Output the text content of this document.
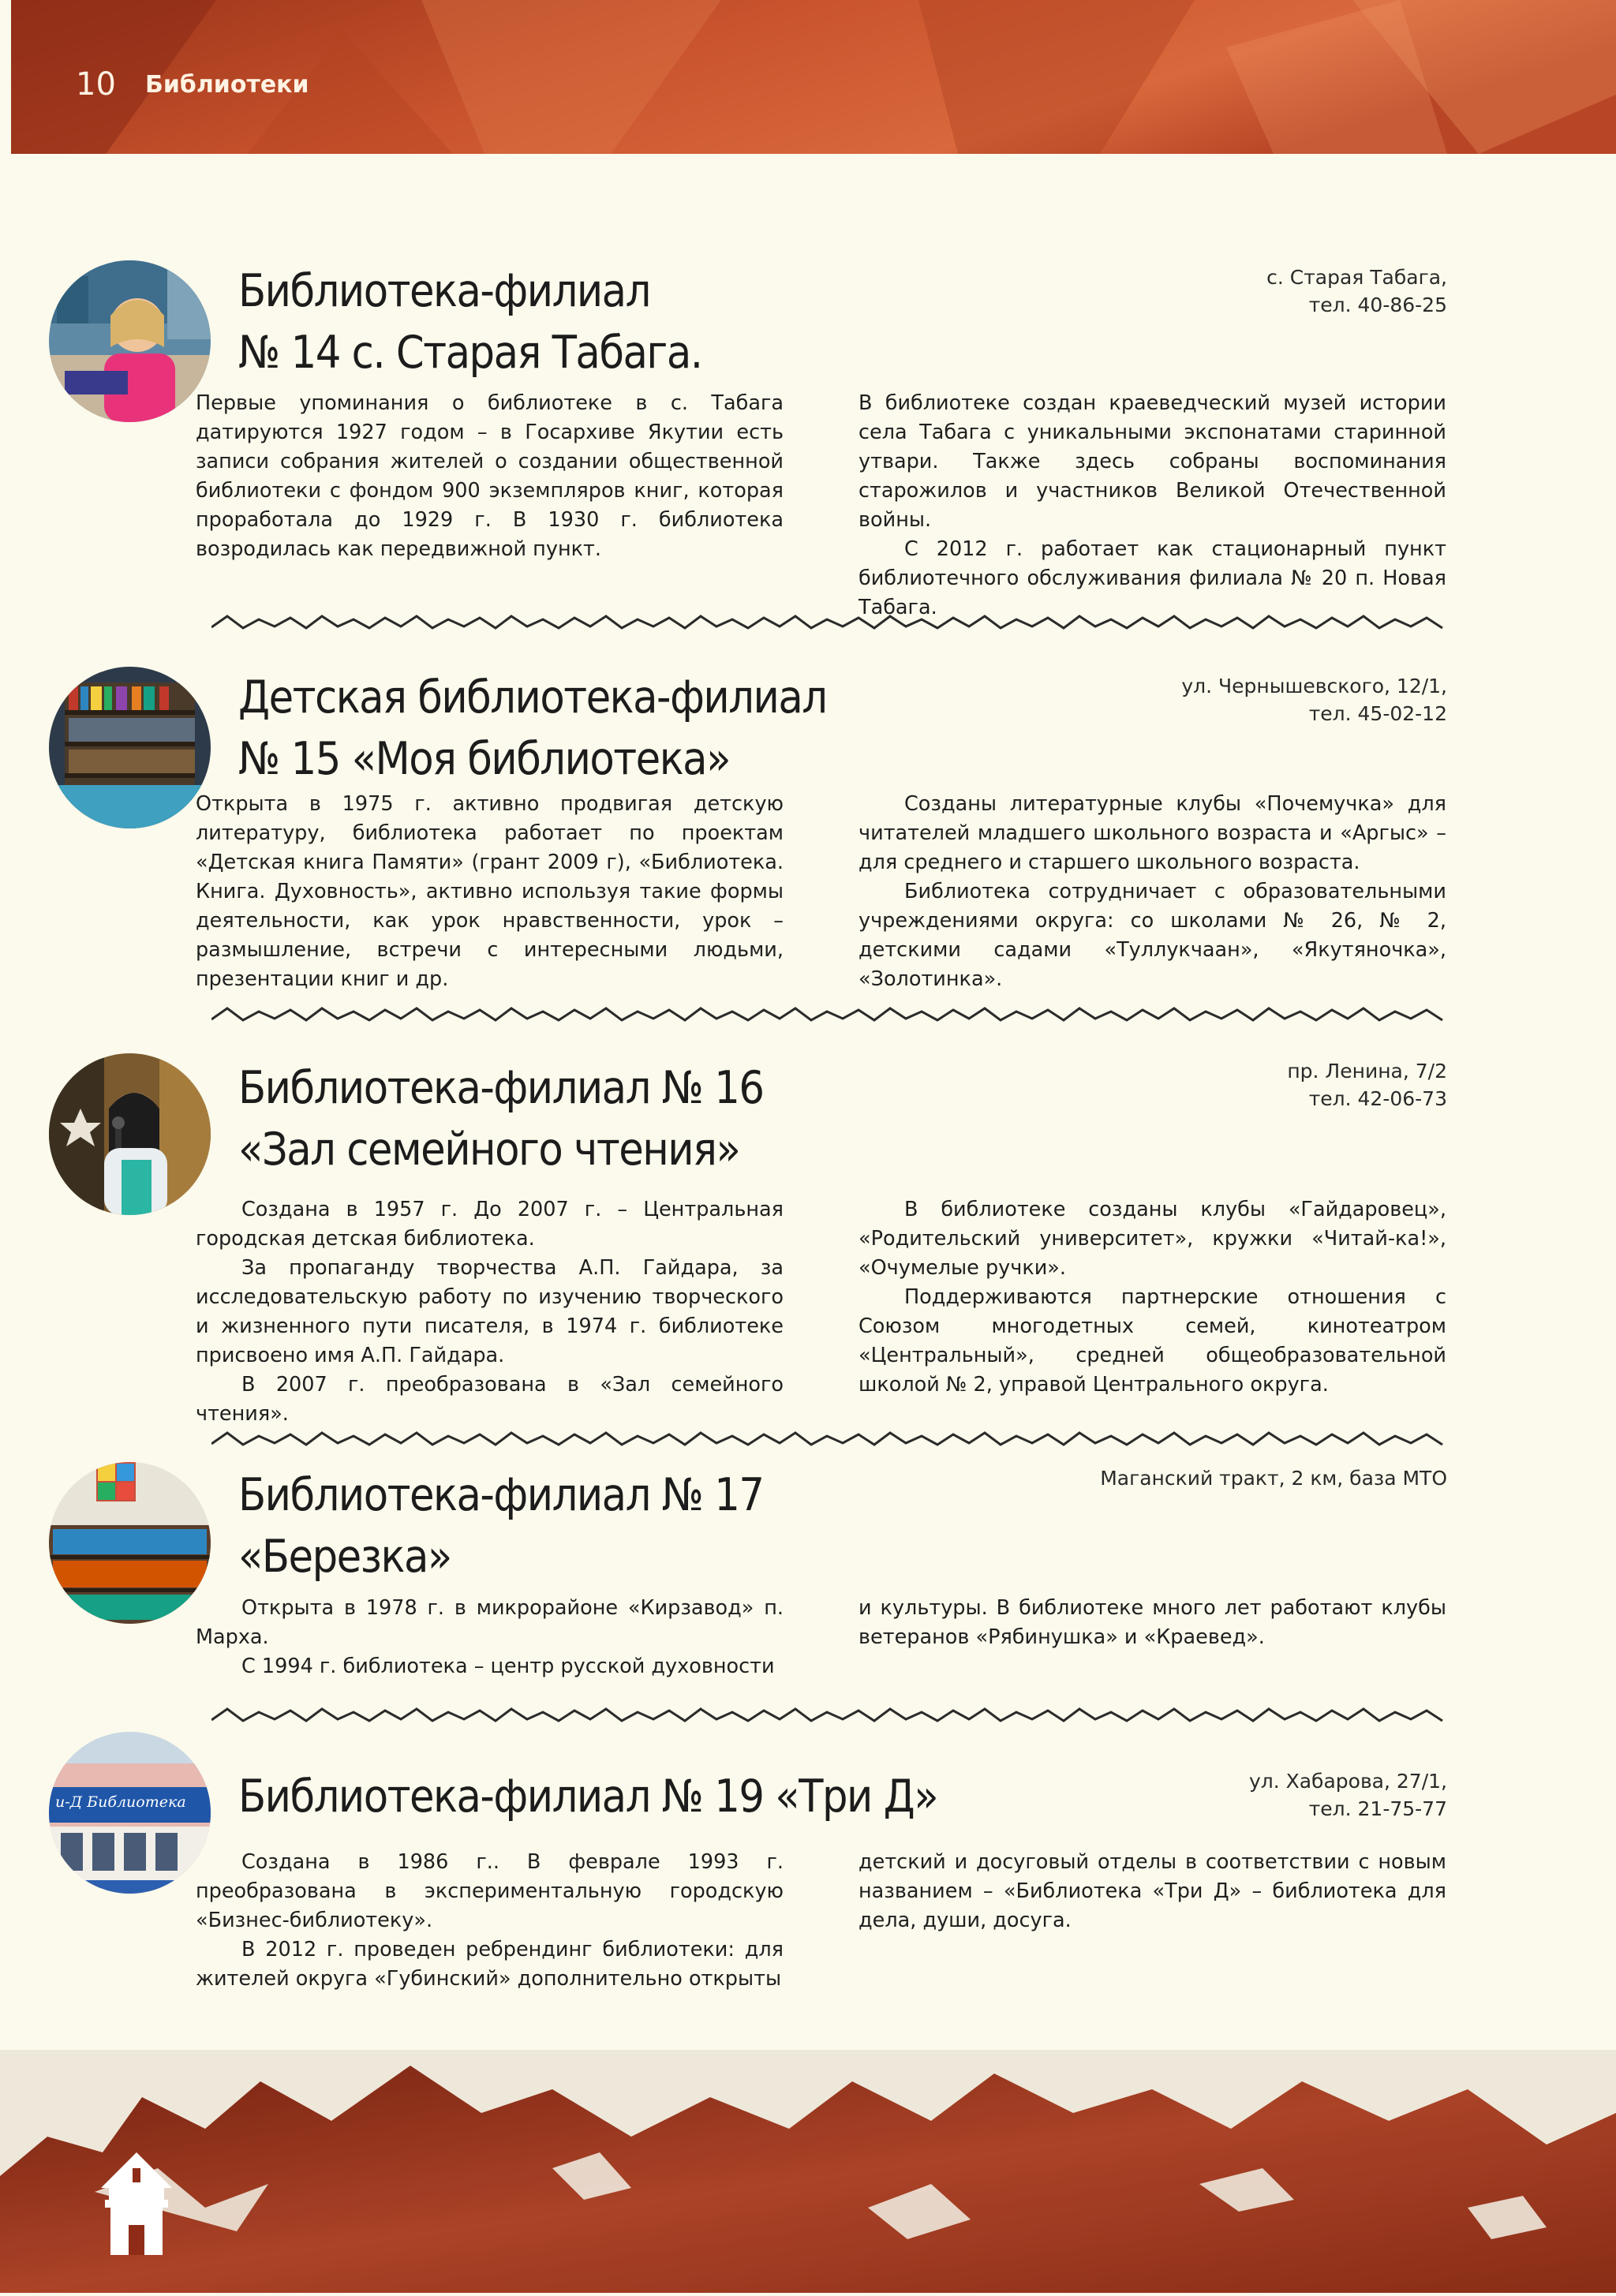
10 Библиотеки
Библиотека-филиал
№ 14 с. Старая Табага.
с. Старая Табага,
тел. 40-86-25

Первые упоминания о библиотеке в с. Табага датируются 1927 годом – в Госархиве Якутии есть записи собрания жителей о создании общественной библиотеки с фондом 900 экземпляров книг, которая проработала до 1929 г. В 1930 г. библиотека возродилась как передвижной пункт.

В библиотеке создан краеведческий музей истории села Табага с уникальными экспонатами старинной утвари. Также здесь собраны воспоминания старожилов и участников Великой Отечественной войны.

С 2012 г. работает как стационарный пункт библиотечного обслуживания филиала № 20 п. Новая Табага.

Детская библиотека-филиал
№ 15 «Моя библиотека»
ул. Чернышевского, 12/1,
тел. 45-02-12

Открыта в 1975 г. активно продвигая детскую литературу, библиотека работает по проектам «Детская книга Памяти» (грант 2009 г), «Библиотека. Книга. Духовность», активно используя такие формы деятельности, как урок нравственности, урок – размышление, встречи с интересными людьми, презентации книг и др.

Созданы литературные клубы «Почемучка» для читателей младшего школьного возраста и «Аргыс» – для среднего и старшего школьного возраста.

Библиотека сотрудничает с образовательными учреждениями округа: со школами № 26, № 2, детскими садами «Туллукчаан», «Якутяночка», «Золотинка».

Библиотека-филиал № 16
«Зал семейного чтения»
пр. Ленина, 7/2
тел. 42-06-73

Создана в 1957 г. До 2007 г. – Центральная городская детская библиотека.

За пропаганду творчества А.П. Гайдара, за исследовательскую работу по изучению творческого и жизненного пути писателя, в 1974 г. библиотеке присвоено имя А.П. Гайдара.

В 2007 г. преобразована в «Зал семейного чтения».

В библиотеке созданы клубы «Гайдаровец», «Родительский университет», кружки «Читай-ка!», «Очумелые ручки».

Поддерживаются партнерские отношения с Союзом многодетных семей, кинотеатром «Центральный», средней общеобразовательной школой № 2, управой Центрального округа.

Библиотека-филиал № 17
«Березка»
Маганский тракт, 2 км, база МТО

Открыта в 1978 г. в микрорайоне «Кирзавод» п. Марха.

С 1994 г. библиотека – центр русской духовности

и культуры. В библиотеке много лет работают клубы ветеранов «Рябинушка» и «Краевед».

и-Д Библиотека	Библиотека-филиал № 19 «Три Д»	ул. Хабарова, 27/1,
тел. 21-75-77

Создана в 1986 г.. В феврале 1993 г. преобразована в экспериментальную городскую «Бизнес-библиотеку».

В 2012 г. проведен ребрендинг библиотеки: для жителей округа «Губинский» дополнительно открыты

детский и досуговый отделы в соответствии с новым названием – «Библиотека «Три Д» – библиотека для дела, души, досуга.
